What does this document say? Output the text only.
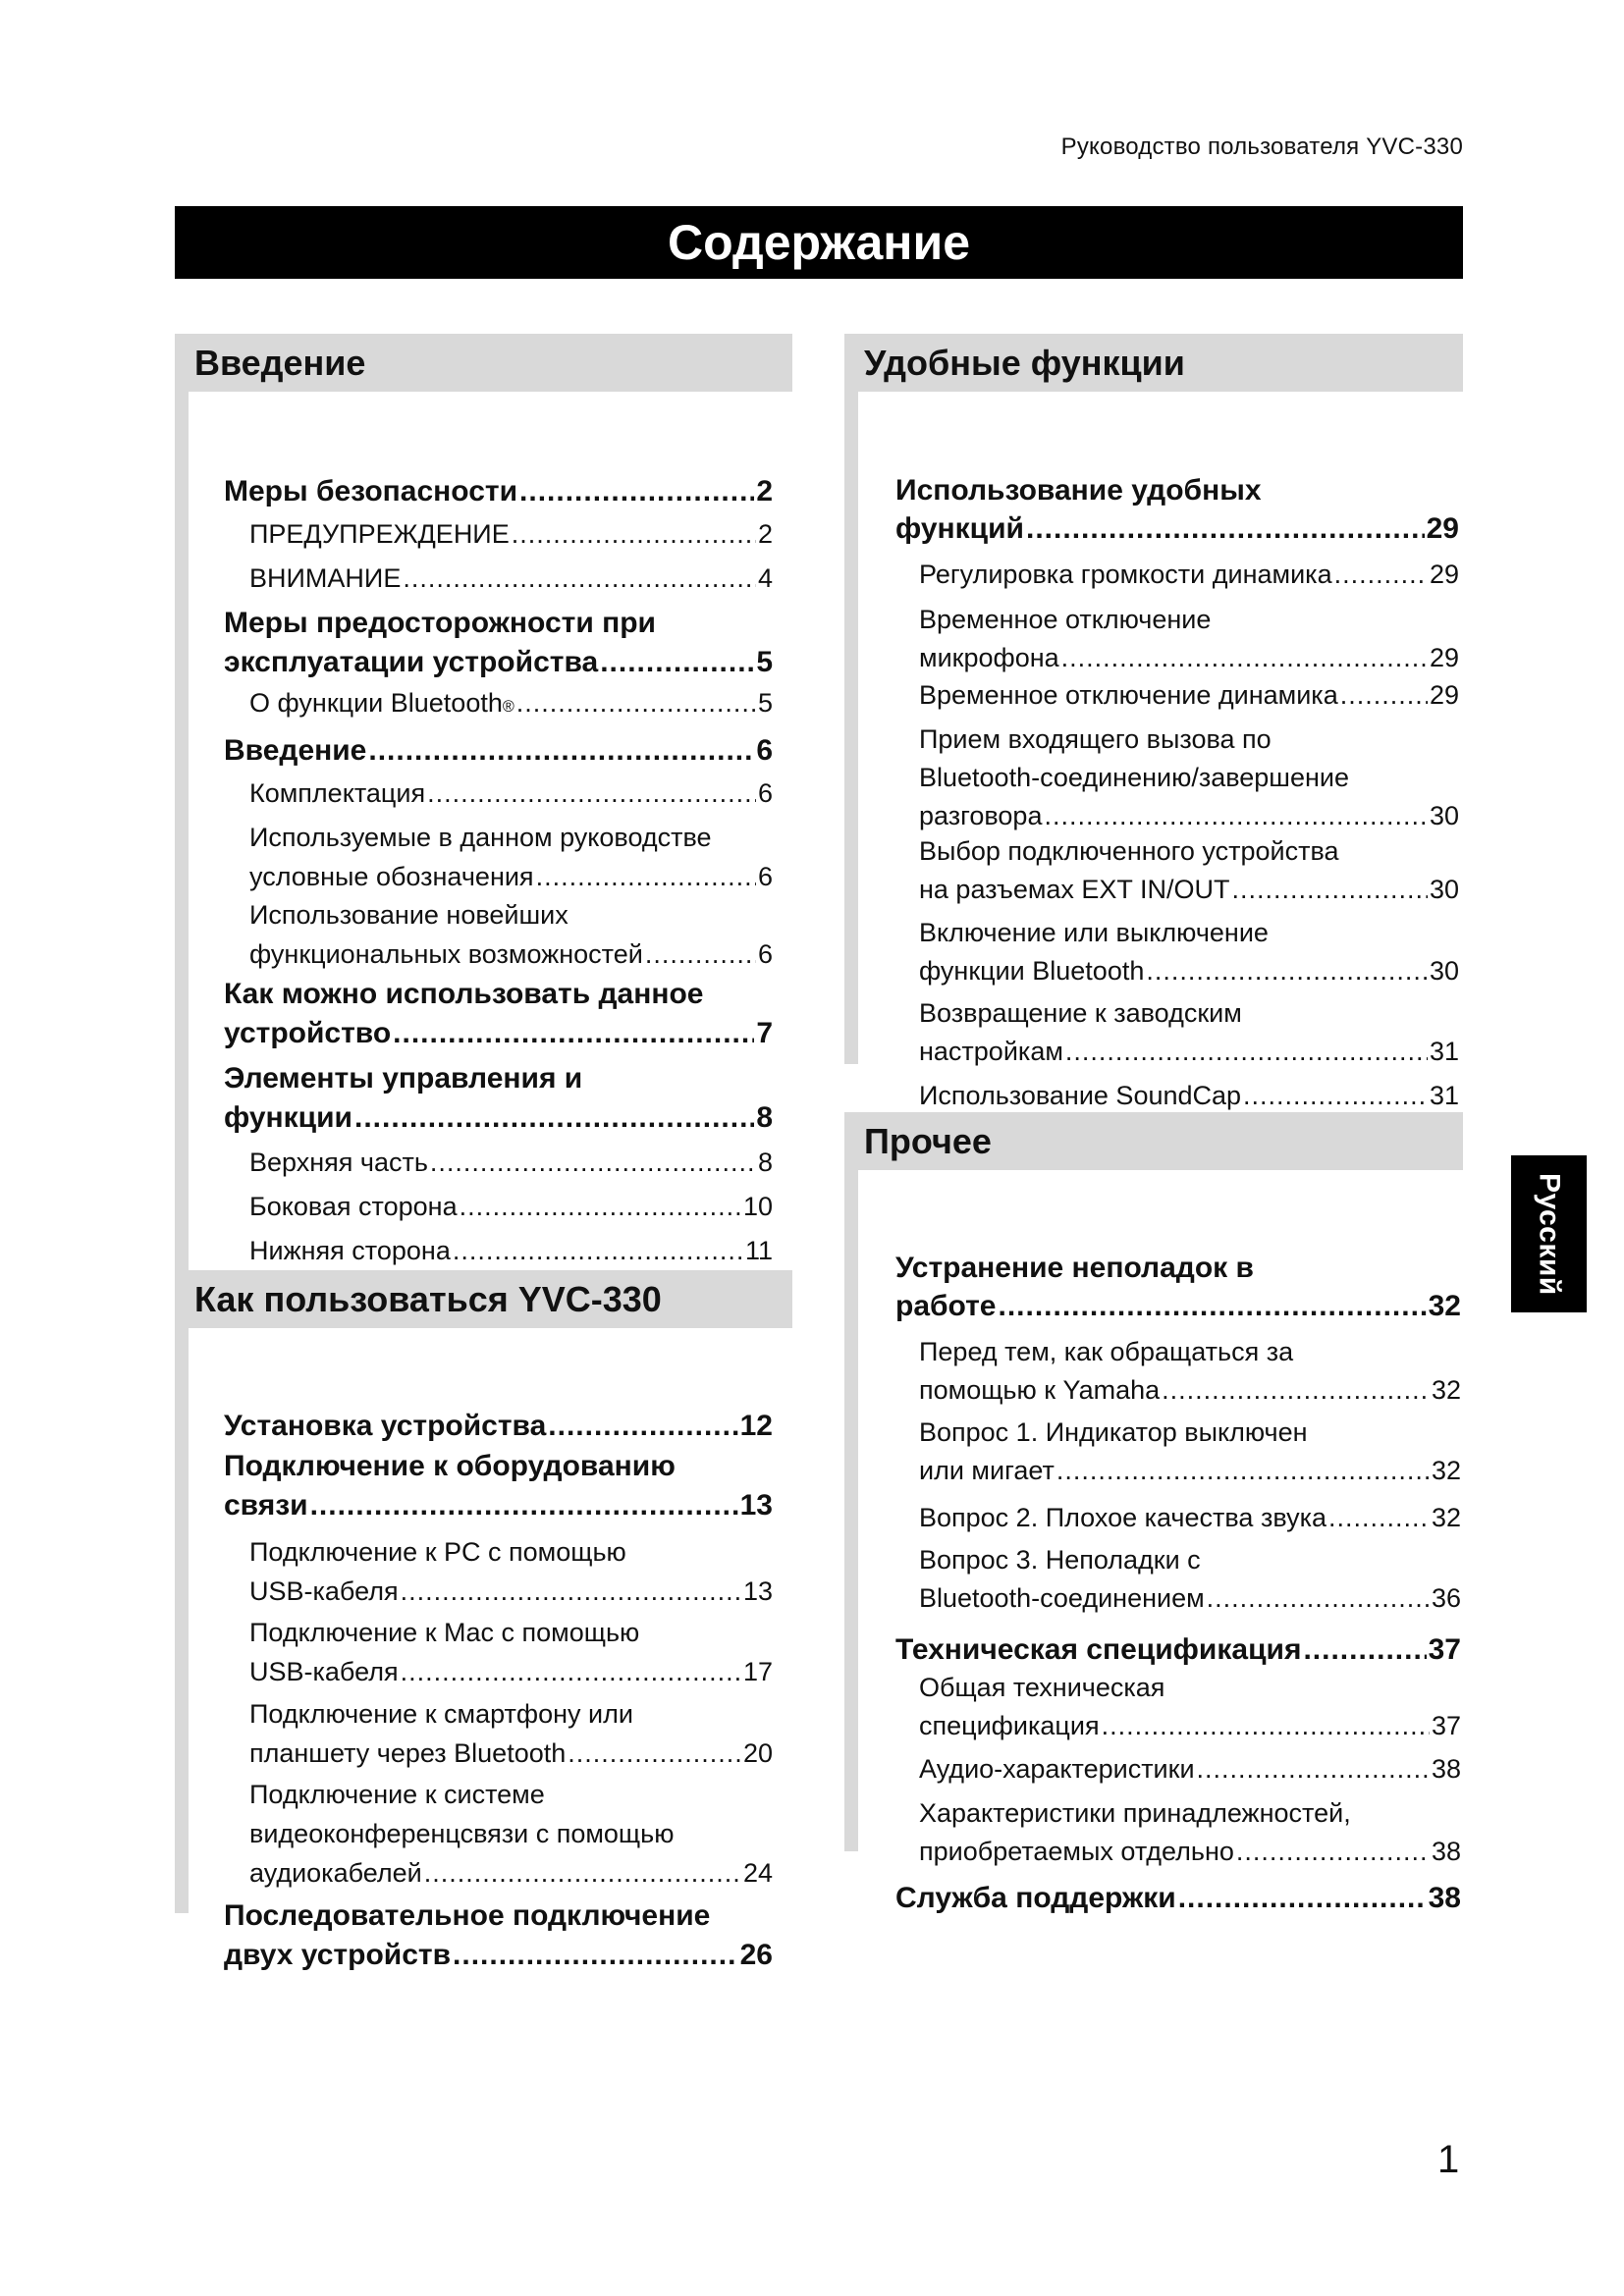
Руководство пользователя YVC-330
Содержание
Введение
Меры безопасности .....	2
ПРЕДУПРЕЖДЕНИЕ .....	2
ВНИМАНИЕ .....	4
Меры предосторожности при
эксплуатации устройства .....	5
О функции Bluetooth ® .....	5
Введение .....	6
Комплектация .....	6
Используемые в данном руководстве
условные обозначения .....	6
Использование новейших
функциональных возможностей .....	6
Как можно использовать данное
устройство .....	7
Элементы управления и
функции .....	8
Верхняя часть .....	8
Боковая сторона .....	10
Нижняя сторона .....	11
Как пользоваться YVC-330
Установка устройства .....	12
Подключение к оборудованию
связи .....	13
Подключение к PC с помощью
USB-кабеля .....	13
Подключение к Mac с помощью
USB-кабеля .....	17
Подключение к смартфону или
планшету через Bluetooth .....	20
Подключение к системе
видеоконференцсвязи с помощью
аудиокабелей .....	24
Последовательное подключение
двух устройств .....	26
Удобные функции
Использование удобных
функций .....	29
Регулировка громкости динамика .....	29
Временное отключение
микрофона .....	29
Временное отключение динамика .....	29
Прием входящего вызова по
Bluetooth-соединению/завершение
разговора .....	30
Выбор подключенного устройства
на разъемах EXT IN/OUT .....	30
Включение или выключение
функции Bluetooth .....	30
Возвращение к заводским
настройкам .....	31
Использование SoundCap .....	31
Прочее
Устранение неполадок в
работе .....	32
Перед тем, как обращаться за
помощью к Yamaha .....	32
Вопрос 1. Индикатор выключен
или мигает .....	32
Вопрос 2. Плохое качества звука .....	32
Вопрос 3. Неполадки с
Bluetooth-соединением .....	36
Техническая спецификация .....	37
Общая техническая
спецификация .....	37
Аудио-характеристики .....	38
Характеристики принадлежностей,
приобретаемых отдельно .....	38
Служба поддержки .....	38
Русский
1
